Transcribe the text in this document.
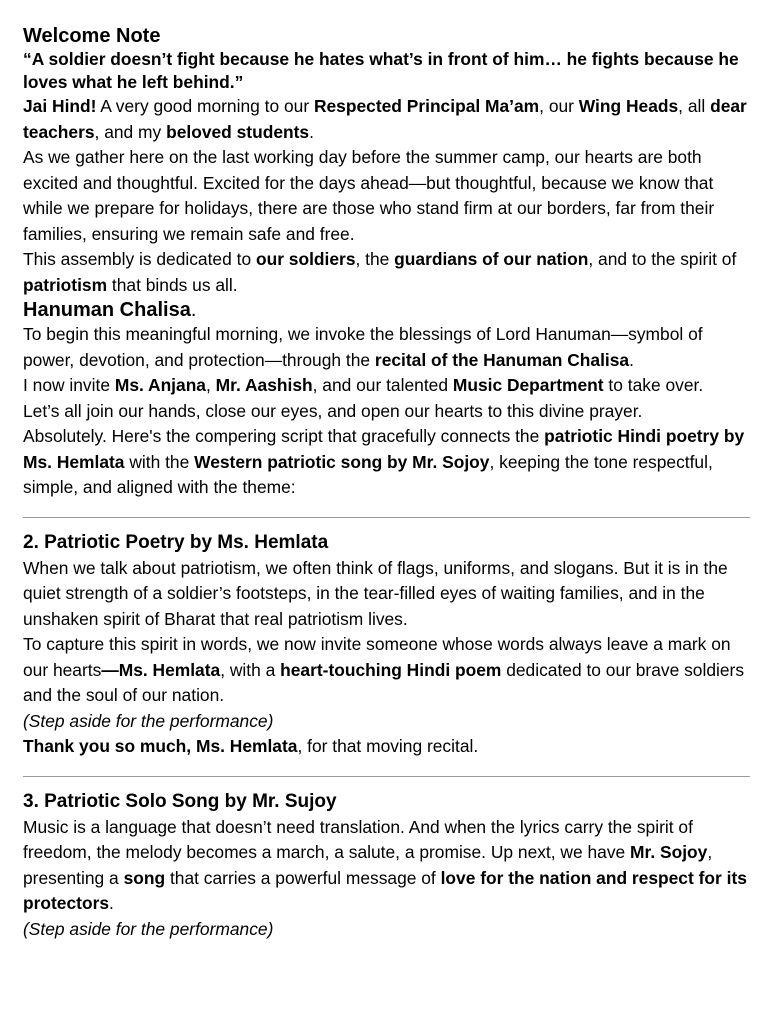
Welcome Note

“A soldier doesn’t fight because he hates what’s in front of him… he fights because he loves what he left behind.”

Jai Hind! A very good morning to our Respected Principal Ma’am, our Wing Heads, all dear teachers, and my beloved students.

As we gather here on the last working day before the summer camp, our hearts are both excited and thoughtful. Excited for the days ahead—but thoughtful, because we know that while we prepare for holidays, there are those who stand firm at our borders, far from their families, ensuring we remain safe and free.

This assembly is dedicated to our soldiers, the guardians of our nation, and to the spirit of patriotism that binds us all.

Hanuman Chalisa.

To begin this meaningful morning, we invoke the blessings of Lord Hanuman—symbol of power, devotion, and protection—through the recital of the Hanuman Chalisa.

I now invite Ms. Anjana, Mr. Aashish, and our talented Music Department to take over.

Let’s all join our hands, close our eyes, and open our hearts to this divine prayer.

Absolutely. Here's the compering script that gracefully connects the patriotic Hindi poetry by Ms. Hemlata with the Western patriotic song by Mr. Sojoy, keeping the tone respectful, simple, and aligned with the theme:

2. Patriotic Poetry by Ms. Hemlata

When we talk about patriotism, we often think of flags, uniforms, and slogans. But it is in the quiet strength of a soldier’s footsteps, in the tear-filled eyes of waiting families, and in the unshaken spirit of Bharat that real patriotism lives.

To capture this spirit in words, we now invite someone whose words always leave a mark on our hearts—Ms. Hemlata, with a heart-touching Hindi poem dedicated to our brave soldiers and the soul of our nation.

(Step aside for the performance)

Thank you so much, Ms. Hemlata, for that moving recital.

3. Patriotic Solo Song by Mr. Sujoy

Music is a language that doesn’t need translation. And when the lyrics carry the spirit of freedom, the melody becomes a march, a salute, a promise. Up next, we have Mr. Sojoy, presenting a song that carries a powerful message of love for the nation and respect for its protectors.

(Step aside for the performance)
